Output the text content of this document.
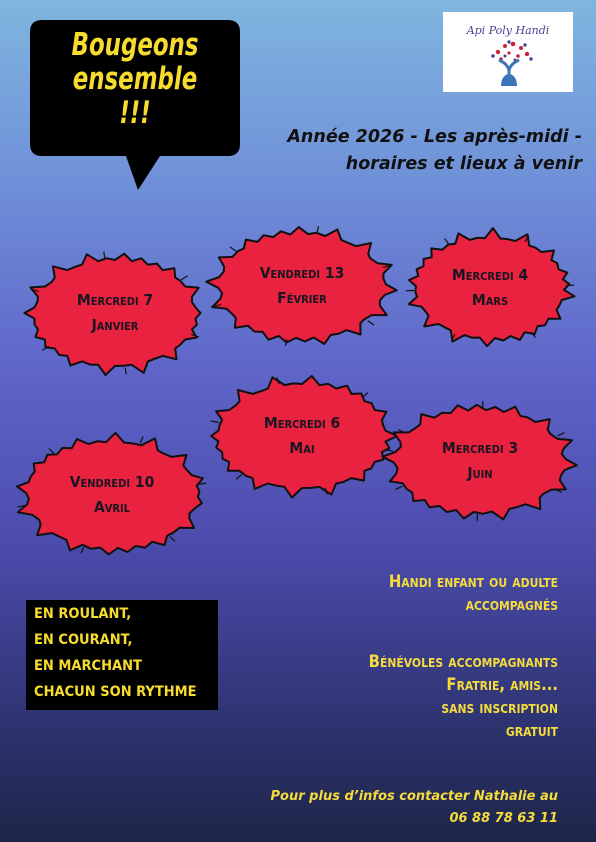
Bougeons
ensemble
!!!
Api Poly Handi
Année 2026 - Les après-midi -
horaires et lieux à venir
Mercredi 7
Janvier
Vendredi 13
Février
Mercredi 4
Mars
Mercredi 6
Mai	Mercredi 3
Juin
Vendredi 10
Avril
EN ROULANT,
EN COURANT,
EN MARCHANT
CHACUN SON RYTHME
Handi enfant ou adulte
accompagnés
Bénévoles accompagnants
Fratrie, amis...
sans inscription
gratuit
Pour plus d’infos contacter Nathalie au
06 88 78 63 11
